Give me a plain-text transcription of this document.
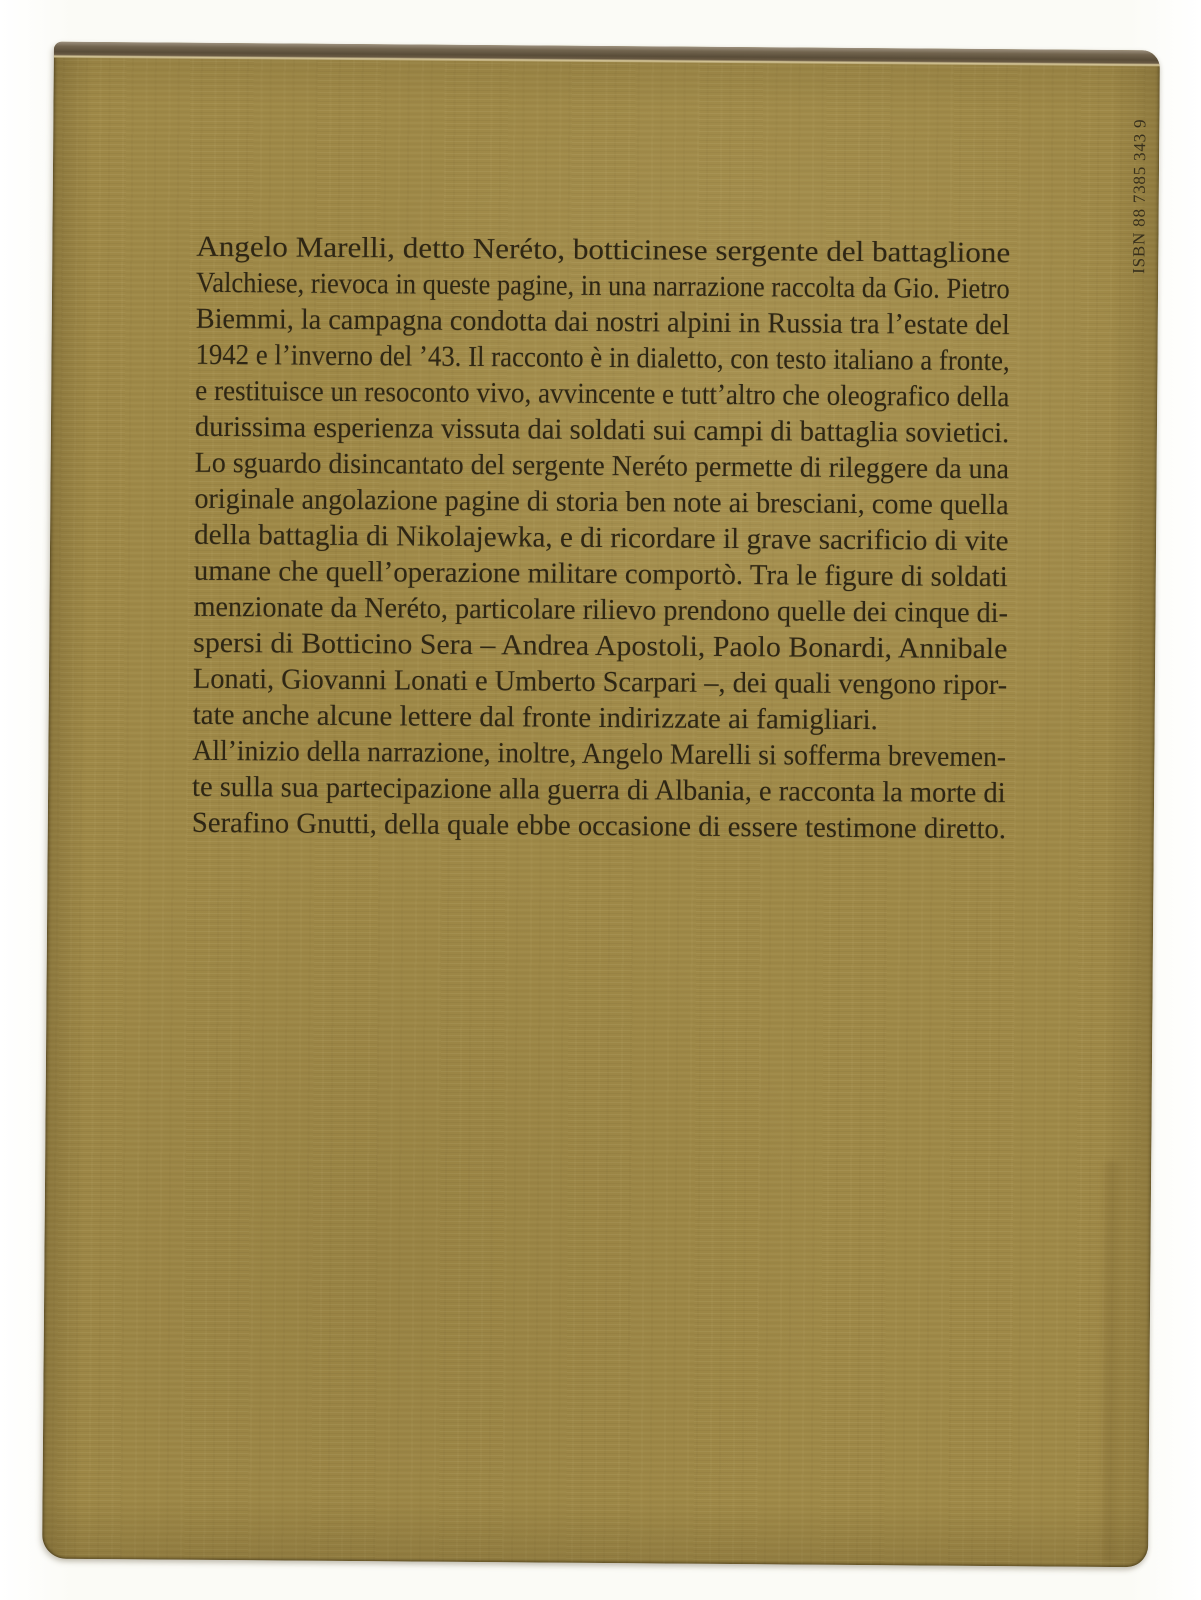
Angelo Marelli, detto Neréto, botticinese sergente del battaglione
Valchiese, rievoca in queste pagine, in una narrazione raccolta da Gio. Pietro
Biemmi, la campagna condotta dai nostri alpini in Russia tra l’estate del
1942 e l’inverno del ’43. Il racconto è in dialetto, con testo italiano a fronte,
e restituisce un resoconto vivo, avvincente e tutt’altro che oleografico della
durissima esperienza vissuta dai soldati sui campi di battaglia sovietici.
Lo sguardo disincantato del sergente Neréto permette di rileggere da una
originale angolazione pagine di storia ben note ai bresciani, come quella
della battaglia di Nikolajewka, e di ricordare il grave sacrificio di vite
umane che quell’operazione militare comportò. Tra le figure di soldati
menzionate da Neréto, particolare rilievo prendono quelle dei cinque di-
spersi di Botticino Sera – Andrea Apostoli, Paolo Bonardi, Annibale
Lonati, Giovanni Lonati e Umberto Scarpari –, dei quali vengono ripor-
tate anche alcune lettere dal fronte indirizzate ai famigliari.
All’inizio della narrazione, inoltre, Angelo Marelli si sofferma brevemen-
te sulla sua partecipazione alla guerra di Albania, e racconta la morte di
Serafino Gnutti, della quale ebbe occasione di essere testimone diretto.
ISBN 88 7385 343 9
